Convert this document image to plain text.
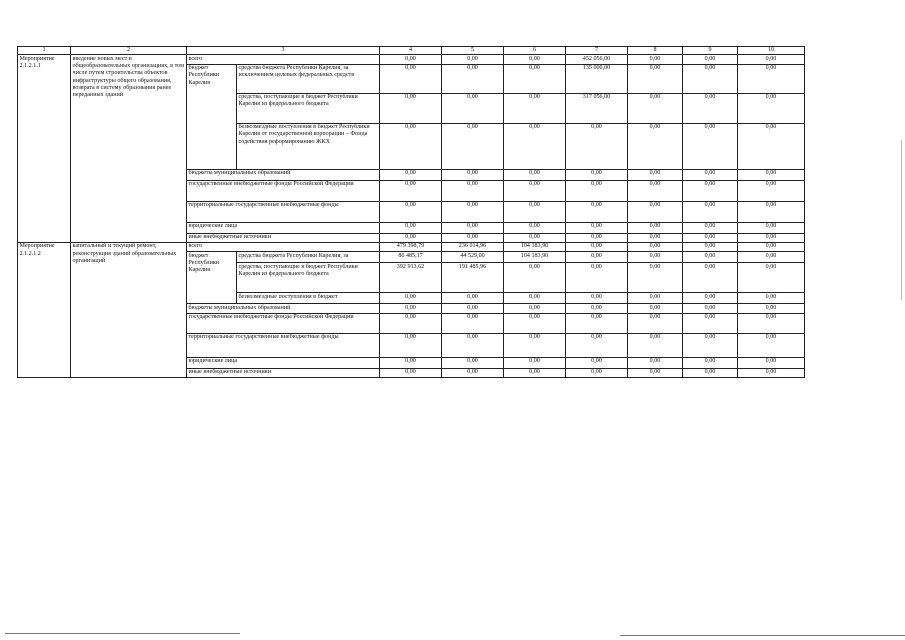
1	2	3		4	5	6	7	8	9	10
Мероприятие 2.1.2.1.1	введение новых мест в общеобразовательных организациях, в том числе путем строительства объектов инфраструктуры общего образования, возврата в систему образования ранее переданных зданий	всего		0,00	0,00	0,00	452 056,00	0,00	0,00	0,00
		бюджет Республики Карелия	средства бюджета Республики Карелия, за исключением целевых федеральных средств	0,00	0,00	0,00	135 000,00	0,00	0,00	0,00
			средства, поступающие в бюджет Республики Карелия из федерального бюджета	0,00	0,00	0,00	317 056,00	0,00	0,00	0,00
			безвозмездные поступления в бюджет Республики Карелия от государственной корпорации – Фонда содействия реформированию ЖКХ	0,00	0,00	0,00	0,00	0,00	0,00	0,00
		бюджеты муниципальных образований		0,00	0,00	0,00	0,00	0,00	0,00	0,00
		государственные внебюджетные фонды Российской Федерации		0,00	0,00	0,00	0,00	0,00	0,00	0,00
		территориальные государственные внебюджетные фонды		0,00	0,00	0,00	0,00	0,00	0,00	0,00
		юридические лица		0,00	0,00	0,00	0,00	0,00	0,00	0,00
		иные внебюджетные источники		0,00	0,00	0,00	0,00	0,00	0,00	0,00
Мероприятие 2.1.2.1.2	капитальный и текущий ремонт, реконструкция зданий образовательных организаций	всего		479 398,79	236 014,96	104 183,90	0,00	0,00	0,00	0,00
		бюджет Республики Карелия	средства бюджета Республики Карелия, за	86 485,17	44 529,00	104 183,90	0,00	0,00	0,00	0,00
			средства, поступающие в бюджет Республики Карелия из федерального бюджета	392 913,62	191 485,96	0,00	0,00	0,00	0,00	0,00
			безвозмездные поступления в бюджет	0,00	0,00	0,00	0,00	0,00	0,00	0,00
		бюджеты муниципальных образований		0,00	0,00	0,00	0,00	0,00	0,00	0,00
		государственные внебюджетные фонды Российской Федерации		0,00	0,00	0,00	0,00	0,00	0,00	0,00
		территориальные государственные внебюджетные фонды		0,00	0,00	0,00	0,00	0,00	0,00	0,00
		юридические лица		0,00	0,00	0,00	0,00	0,00	0,00	0,00
		иные внебюджетные источники		0,00	0,00	0,00	0,00	0,00	0,00	0,00
